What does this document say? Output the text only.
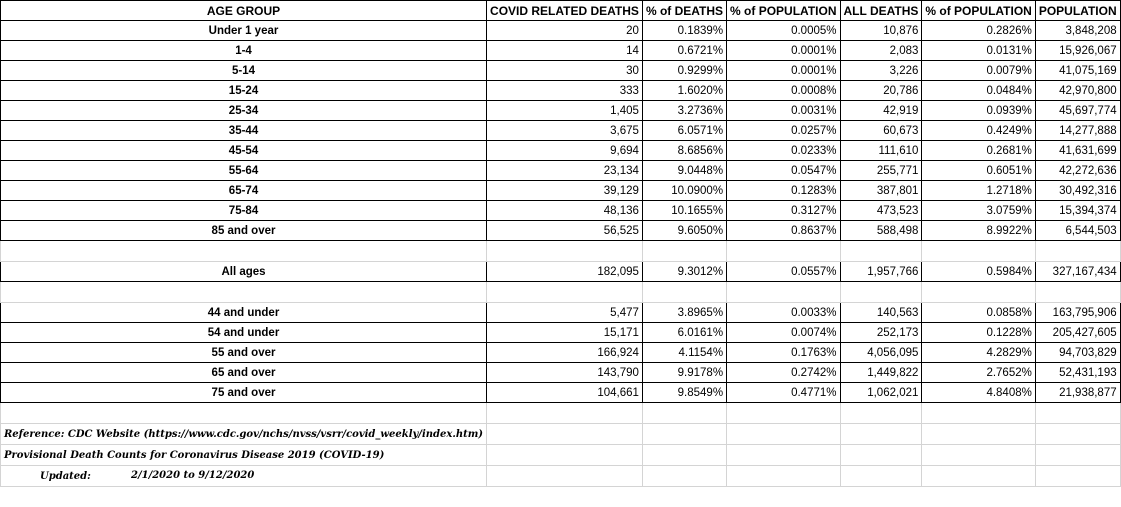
AGE GROUP	COVID RELATED DEATHS	% of DEATHS	% of POPULATION	ALL DEATHS	% of POPULATION	POPULATION
Under 1 year	20	0.1839%	0.0005%	10,876	0.2826%	3,848,208
1-4	14	0.6721%	0.0001%	2,083	0.0131%	15,926,067
5-14	30	0.9299%	0.0001%	3,226	0.0079%	41,075,169
15-24	333	1.6020%	0.0008%	20,786	0.0484%	42,970,800
25-34	1,405	3.2736%	0.0031%	42,919	0.0939%	45,697,774
35-44	3,675	6.0571%	0.0257%	60,673	0.4249%	14,277,888
45-54	9,694	8.6856%	0.0233%	111,610	0.2681%	41,631,699
55-64	23,134	9.0448%	0.0547%	255,771	0.6051%	42,272,636
65-74	39,129	10.0900%	0.1283%	387,801	1.2718%	30,492,316
75-84	48,136	10.1655%	0.3127%	473,523	3.0759%	15,394,374
85 and over	56,525	9.6050%	0.8637%	588,498	8.9922%	6,544,503

All ages	182,095	9.3012%	0.0557%	1,957,766	0.5984%	327,167,434

44 and under	5,477	3.8965%	0.0033%	140,563	0.0858%	163,795,906
54 and under	15,171	6.0161%	0.0074%	252,173	0.1228%	205,427,605
55 and over	166,924	4.1154%	0.1763%	4,056,095	4.2829%	94,703,829
65 and over	143,790	9.9178%	0.2742%	1,449,822	2.7652%	52,431,193
75 and over	104,661	9.8549%	0.4771%	1,062,021	4.8408%	21,938,877

Reference: CDC Website (https://www.cdc.gov/nchs/nvss/vsrr/covid_weekly/index.htm)						
Provisional Death Counts for Coronavirus Disease 2019 (COVID-19)						
Updated: 2/1/2020 to 9/12/2020						
